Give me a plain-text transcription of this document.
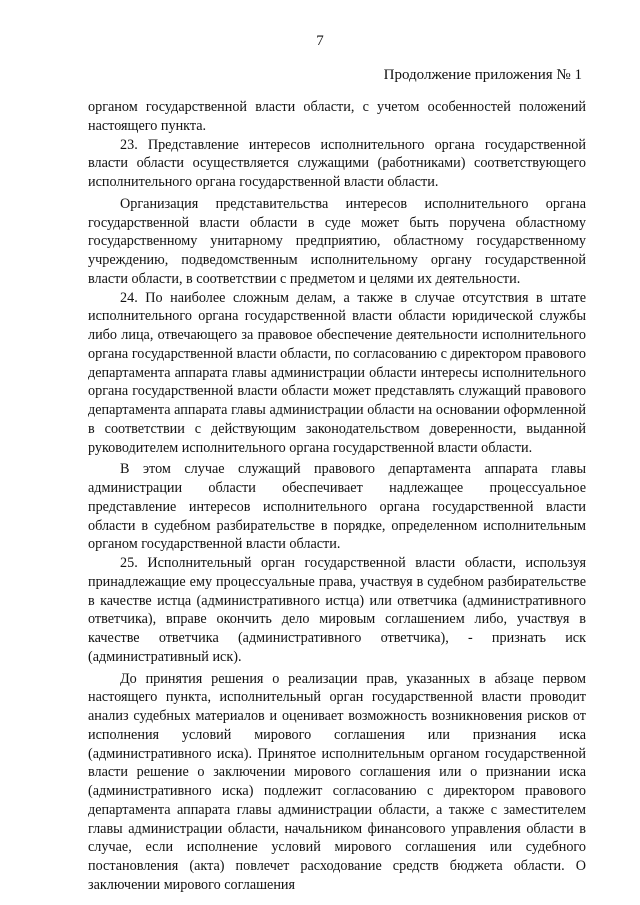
7
Продолжение приложения № 1

органом государственной власти области, с учетом особенностей положений настоящего пункта.

23. Представление интересов исполнительного органа государственной власти области осуществляется служащими (работниками) соответствующего исполнительного органа государственной власти области.

Организация представительства интересов исполнительного органа государственной власти области в суде может быть поручена областному государственному унитарному предприятию, областному государственному учреждению, подведомственным исполнительному органу государственной власти области, в соответствии с предметом и целями их деятельности.

24. По наиболее сложным делам, а также в случае отсутствия в штате исполнительного органа государственной власти области юридической службы либо лица, отвечающего за правовое обеспечение деятельности исполнительного органа государственной власти области, по согласованию с директором правового департамента аппарата главы администрации области интересы исполнительного органа государственной власти области может представлять служащий правового департамента аппарата главы администрации области на основании оформленной в соответствии с действующим законодательством доверенности, выданной руководителем исполнительного органа государственной власти области.

В этом случае служащий правового департамента аппарата главы администрации области обеспечивает надлежащее процессуальное представление интересов исполнительного органа государственной власти области в судебном разбирательстве в порядке, определенном исполнительным органом государственной власти области.

25. Исполнительный орган государственной власти области, используя принадлежащие ему процессуальные права, участвуя в судебном разбирательстве в качестве истца (административного истца) или ответчика (административного ответчика), вправе окончить дело мировым соглашением либо, участвуя в качестве ответчика (административного ответчика), - признать иск (административный иск).

До принятия решения о реализации прав, указанных в абзаце первом настоящего пункта, исполнительный орган государственной власти проводит анализ судебных материалов и оценивает возможность возникновения рисков от исполнения условий мирового соглашения или признания иска (административного иска). Принятое исполнительным органом государственной власти решение о заключении мирового соглашения или о признании иска (административного иска) подлежит согласованию с директором правового департамента аппарата главы администрации области, а также с заместителем главы администрации области, начальником финансового управления области в случае, если исполнение условий мирового соглашения или судебного постановления (акта) повлечет расходование средств бюджета области. О заключении мирового соглашения
